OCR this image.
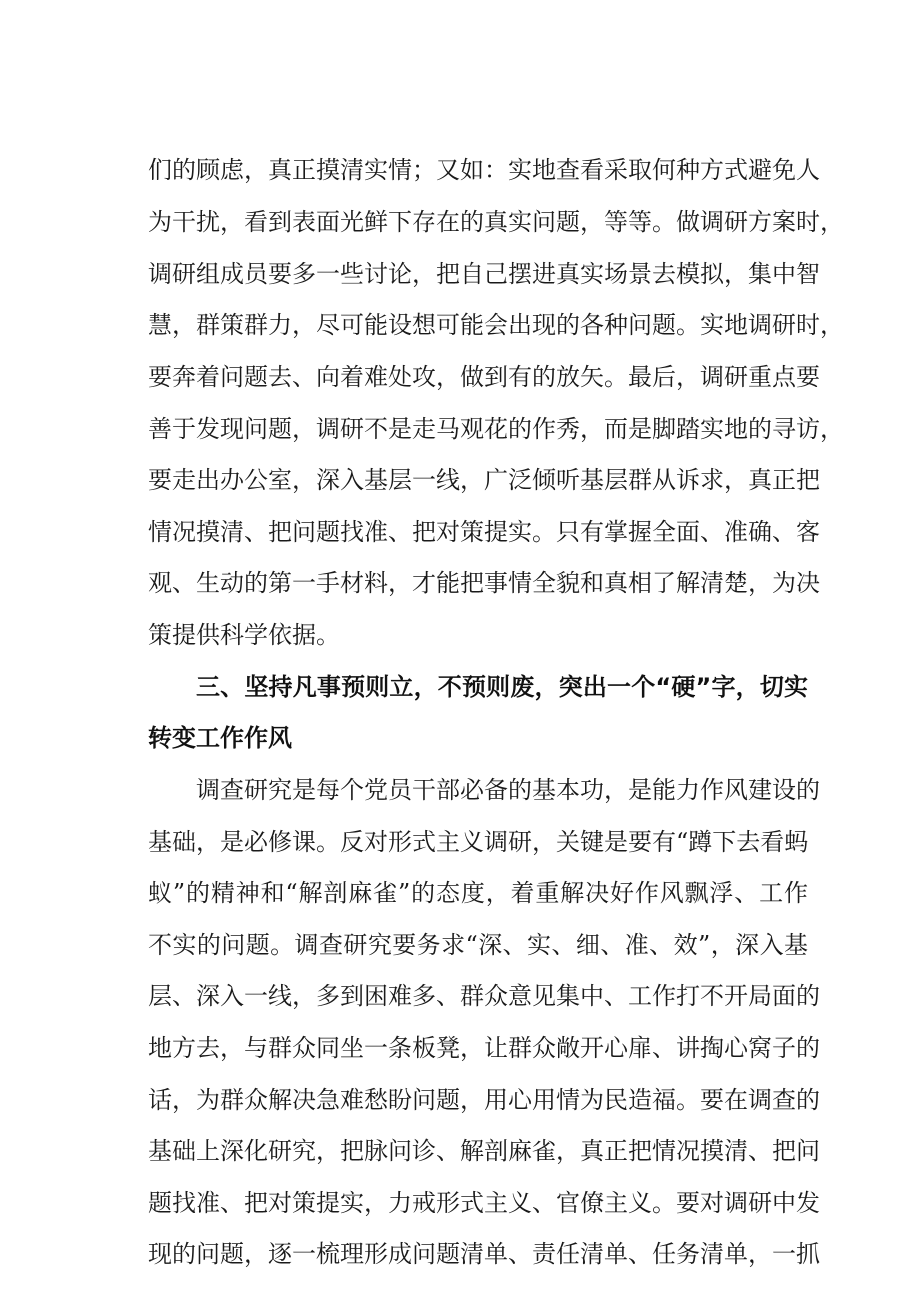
们的顾虑，真正摸清实情；又如：实地查看采取何种方式避免人

为干扰，看到表面光鲜下存在的真实问题，等等。做调研方案时，

调研组成员要多一些讨论，把自己摆进真实场景去模拟，集中智

慧，群策群力，尽可能设想可能会出现的各种问题。实地调研时，

要奔着问题去、向着难处攻，做到有的放矢。最后，调研重点要

善于发现问题，调研不是走马观花的作秀，而是脚踏实地的寻访，

要走出办公室，深入基层一线，广泛倾听基层群从诉求，真正把

情况摸清、把问题找准、把对策提实。只有掌握全面、准确、客

观、生动的第一手材料，才能把事情全貌和真相了解清楚，为决

策提供科学依据。

三、坚持凡事预则立，不预则废，突出一个“硬”字，切实

转变工作作风

调查研究是每个党员干部必备的基本功，是能力作风建设的

基础，是必修课。反对形式主义调研，关键是要有“蹲下去看蚂

蚁”的精神和“解剖麻雀”的态度，着重解决好作风飘浮、工作

不实的问题。调查研究要务求“深、实、细、准、效”，深入基

层、深入一线，多到困难多、群众意见集中、工作打不开局面的

地方去，与群众同坐一条板凳，让群众敞开心扉、讲掏心窝子的

话，为群众解决急难愁盼问题，用心用情为民造福。要在调查的

基础上深化研究，把脉问诊、解剖麻雀，真正把情况摸清、把问

题找准、把对策提实，力戒形式主义、官僚主义。要对调研中发

现的问题，逐一梳理形成问题清单、责任清单、任务清单，一抓
